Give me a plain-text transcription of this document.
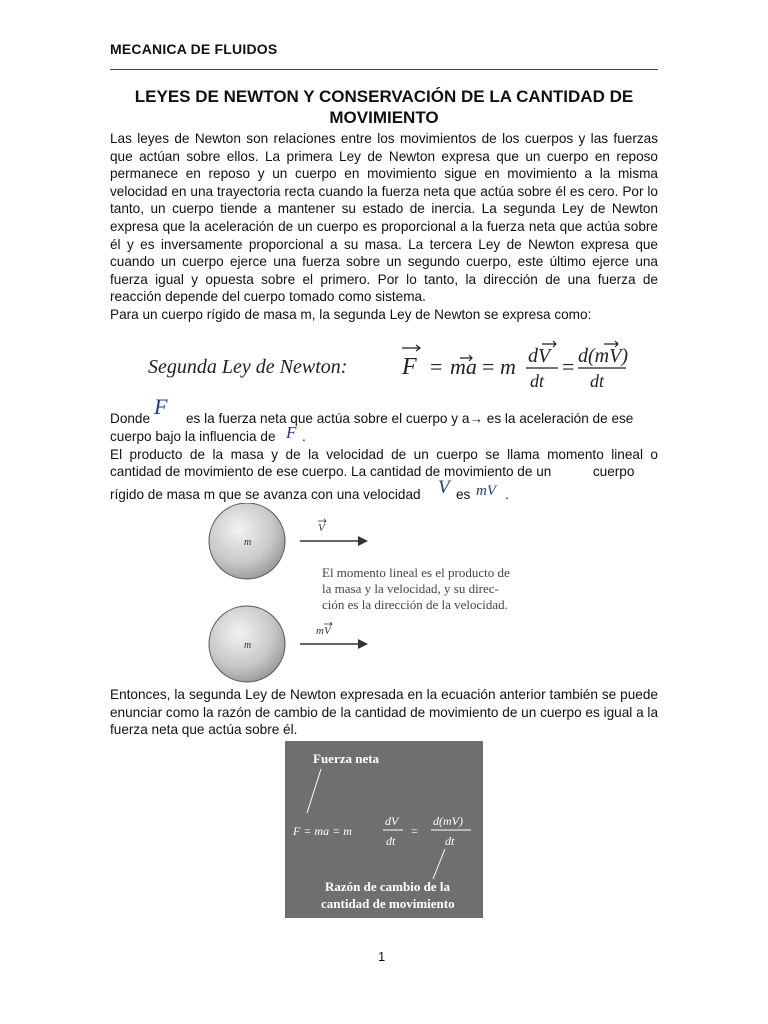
MECANICA DE FLUIDOS
LEYES DE NEWTON Y CONSERVACIÓN DE LA CANTIDAD DE
MOVIMIENTO
Las leyes de Newton son relaciones entre los movimientos de los cuerpos y las fuerzas que actúan sobre ellos. La primera Ley de Newton expresa que un cuerpo en reposo permanece en reposo y un cuerpo en movimiento sigue en movimiento a la misma velocidad en una trayectoria recta cuando la fuerza neta que actúa sobre él es cero. Por lo tanto, un cuerpo tiende a mantener su estado de inercia. La segunda Ley de Newton expresa que la aceleración de un cuerpo es proporcional a la fuerza neta que actúa sobre él y es inversamente proporcional a su masa. La tercera Ley de Newton expresa que cuando un cuerpo ejerce una fuerza sobre un segundo cuerpo, este último ejerce una fuerza igual y opuesta sobre el primero. Por lo tanto, la dirección de una fuerza de reacción depende del cuerpo tomado como sistema.
Para un cuerpo rígido de masa m, la segunda Ley de Newton se expresa como:
Segunda Ley de Newton: F = ma = m dV
dt
= d(mV)
dt
Donde F es la fuerza neta que actúa sobre el cuerpo y a→ es la aceleración de ese
cuerpo bajo la influencia de F .
El producto de la masa y de la velocidad de un cuerpo se llama momento lineal o
cantidad de movimiento de ese cuerpo. La cantidad de movimiento de un           cuerpo
rígido de masa m que se avanza con una velocidad V es mV .
m
V
El momento lineal es el producto de
la masa y la velocidad, y su direc-
ción es la dirección de la velocidad.
m
mV
Entonces, la segunda Ley de Newton expresada en la ecuación anterior también se puede enunciar como la razón de cambio de la cantidad de movimiento de un cuerpo es igual a la fuerza neta que actúa sobre él.
Fuerza neta
F = ma = m
dV
dt
=
d(mV)
dt
Razón de cambio de la
cantidad de movimiento
1
